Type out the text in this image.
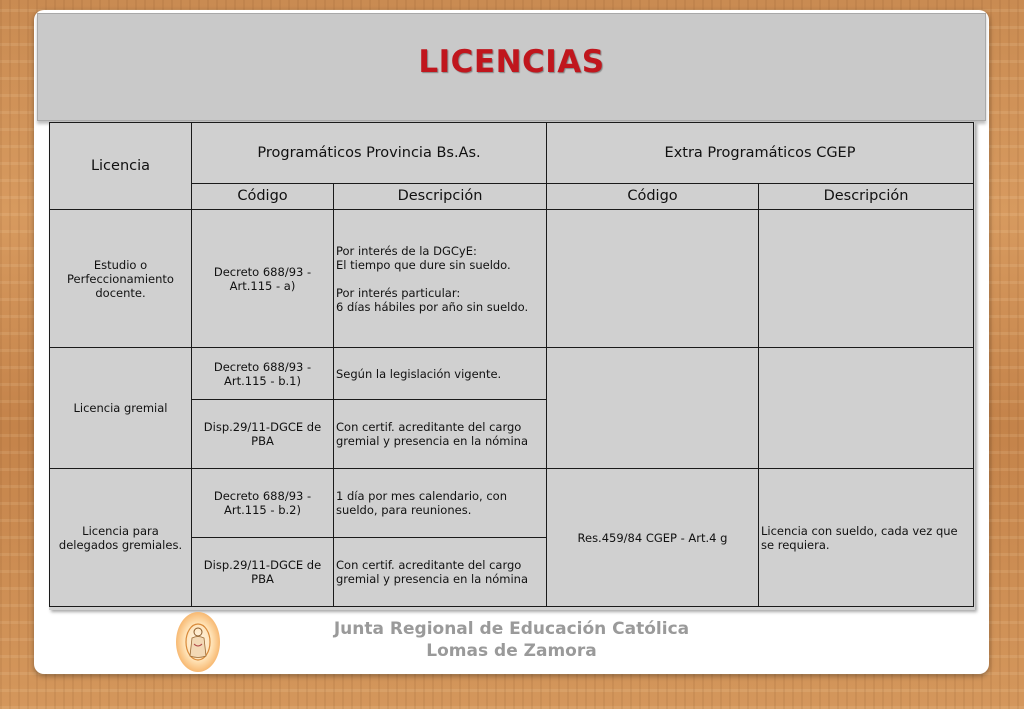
LICENCIAS
Licencia	Programáticos Provincia Bs.As.		Extra Programáticos CGEP	
	Código	Descripción	Código	Descripción
Estudio o Perfeccionamiento docente.	Decreto 688/93 - Art.115 - a)	Por interés de la DGCyE:
El tiempo que dure sin sueldo.
Por interés particular:
6 días hábiles por año sin sueldo.		

Licencia gremial	Decreto 688/93 - Art.115 - b.1)	Según la legislación vigente.		
	Disp.29/11-DGCE de PBA	Con certif. acreditante del cargo gremial y presencia en la nómina		
Licencia para delegados gremiales.	Decreto 688/93 - Art.115 - b.2)	1 día por mes calendario, con sueldo, para reuniones.	Res.459/84 CGEP - Art.4 g	Licencia con sueldo, cada vez que se requiera.
	Disp.29/11-DGCE de PBA	Con certif. acreditante del cargo gremial y presencia en la nómina		
Junta Regional de Educación Católica
Lomas de Zamora
